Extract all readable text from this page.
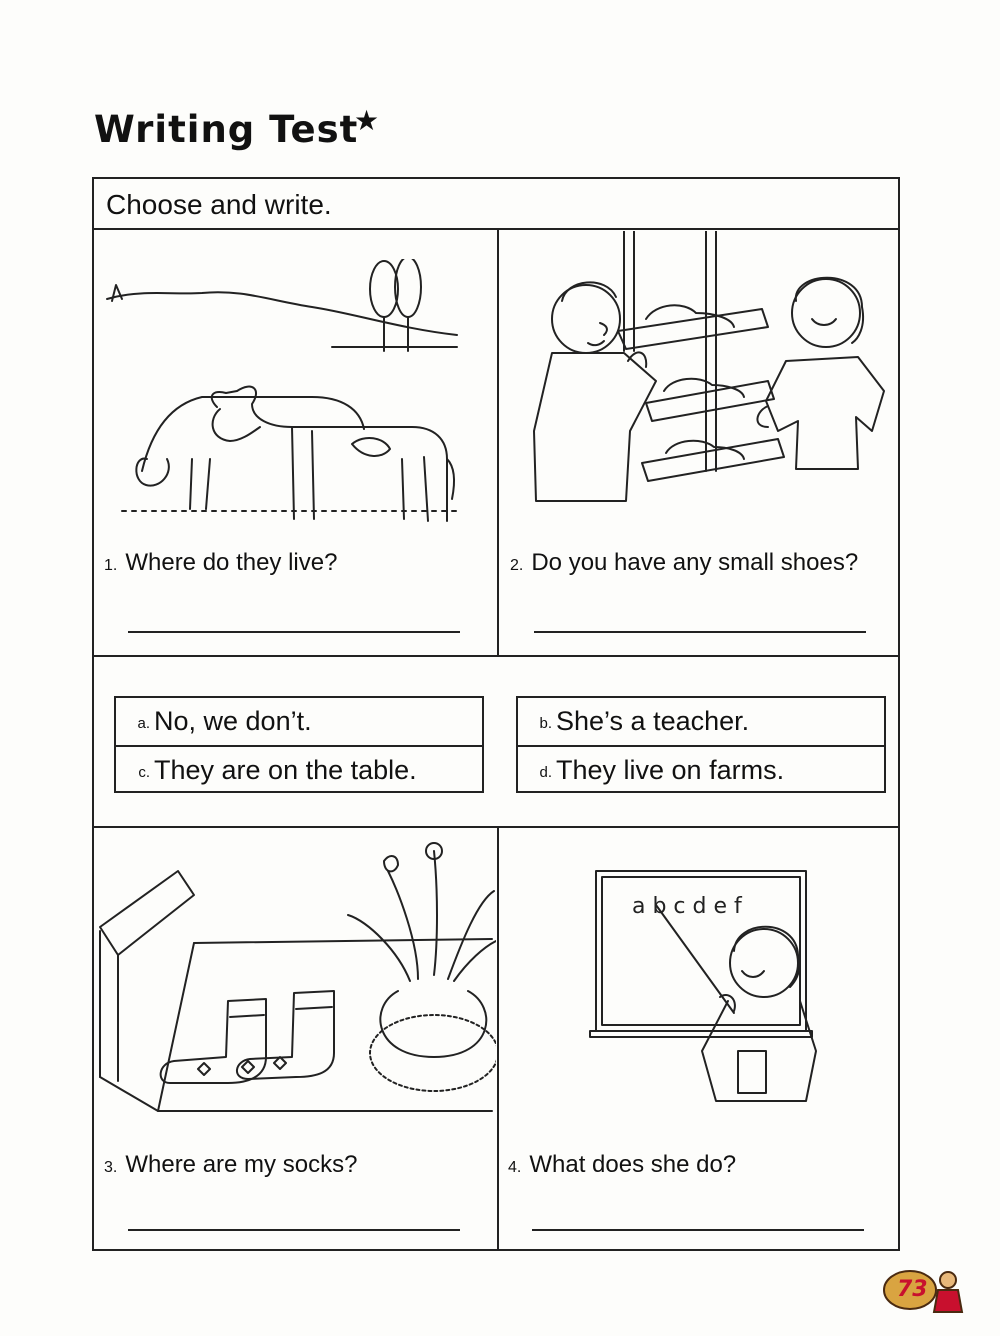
Writing Test
★
Choose and write.
a b c d e f
1. Where do they live?	2. Do you have any small shoes?
3. Where are my socks?	4. What does she do?
a. No, we don’t.
c. They are on the table.
b. She’s a teacher.
d. They live on farms.
73
